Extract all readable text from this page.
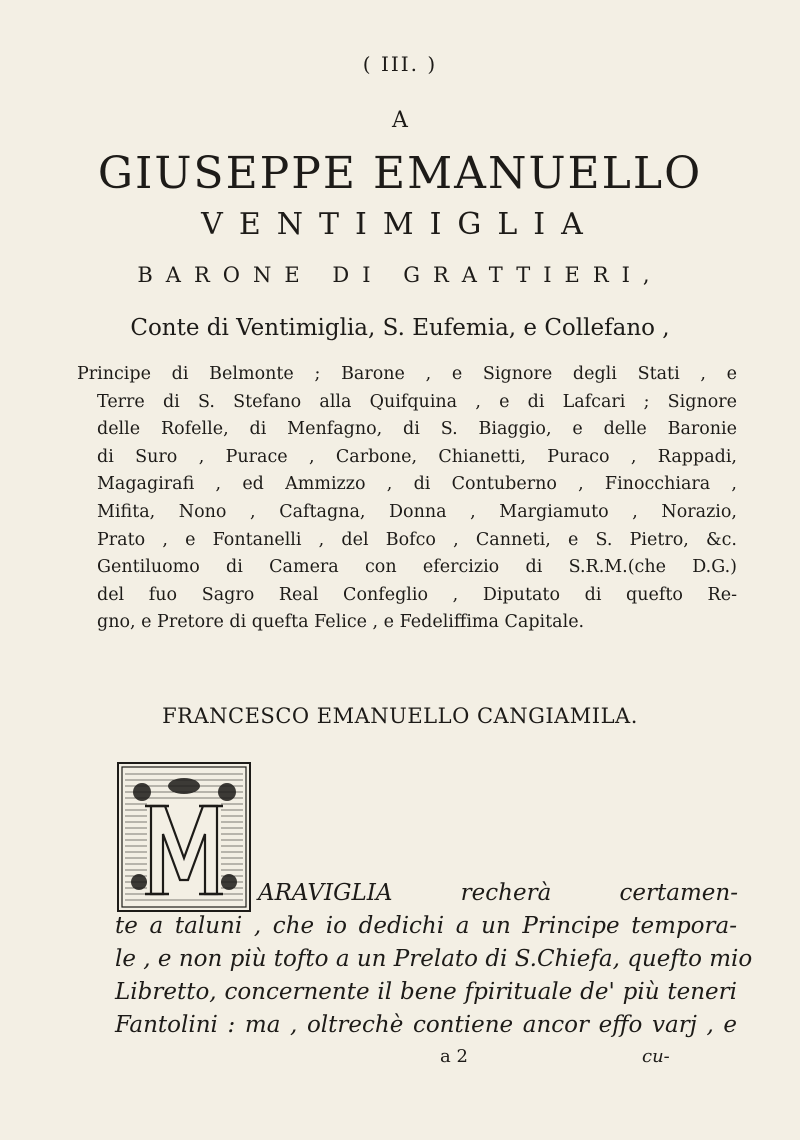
( III. )
A
GIUSEPPE EMANUELLO
VENTIMIGLIA
BARONE DI GRATTIERI,
Conte di Ventimiglia, S. Eufemia, e Collefano ,
Principe di Belmonte ; Barone , e Signore degli Stati , e
Terre di S. Stefano alla Quifquina , e di Lafcari ; Signore
delle Rofelle, di Menfagno, di S. Biaggio, e delle Baronie
di Suro , Purace , Carbone, Chianetti, Puraco , Rappadi,
Magagirafi , ed Ammizzo , di Contuberno , Finocchiara ,
Mifita, Nono , Caftagna, Donna , Margiamuto , Norazio,
Prato , e Fontanelli , del Bofco , Canneti, e S. Pietro, &c.
Gentiluomo di Camera con efercizio di S.R.M.(che D.G.)
del fuo Sagro Real Confeglio , Diputato di quefto Re-
gno, e Pretore di quefta Felice , e Fedeliffima Capitale.
FRANCESCO EMANUELLO CANGIAMILA.
ARAVIGLIA recherà certamen-
te a taluni , che io dedichi a un Principe tempora-
le , e non più tofto a un Prelato di S.Chiefa, quefto mio
Libretto, concernente il bene fpirituale de' più teneri
Fantolini : ma , oltrechè contiene ancor effo varj , e
a 2	cu-
